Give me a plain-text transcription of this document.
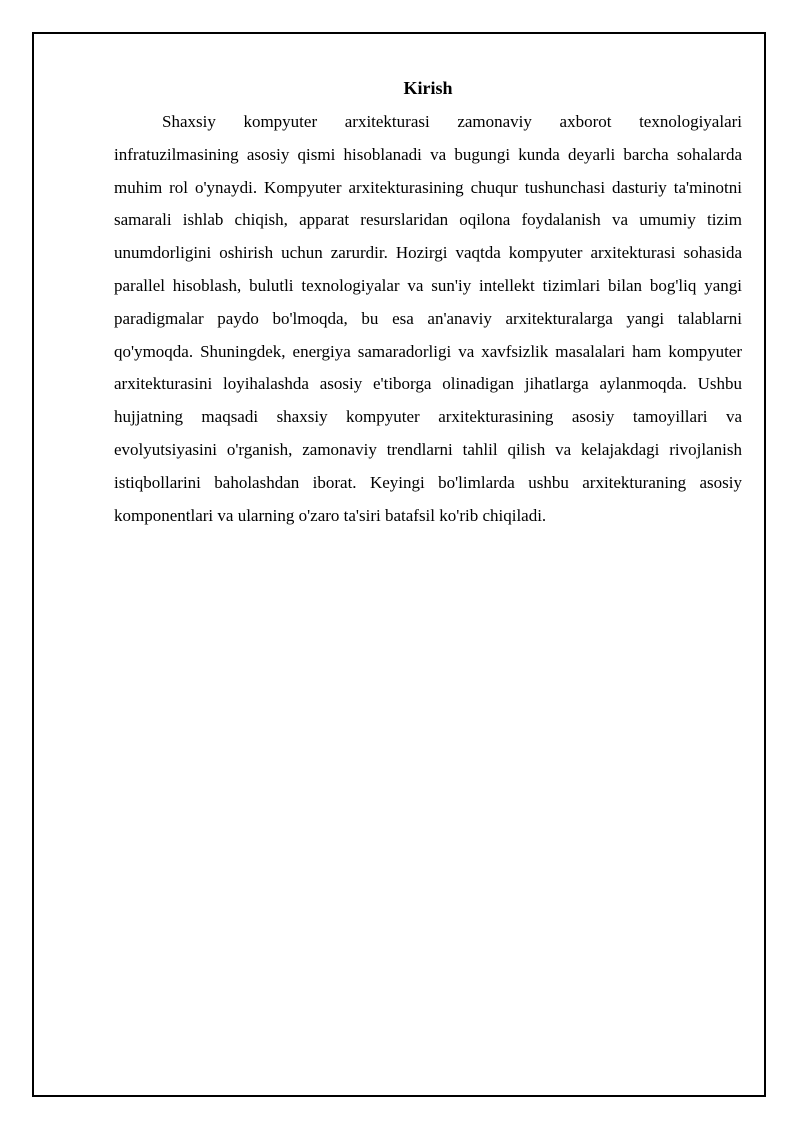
Kirish

Shaxsiy kompyuter arxitekturasi zamonaviy axborot texnologiyalari infratuzilmasining asosiy qismi hisoblanadi va bugungi kunda deyarli barcha sohalarda muhim rol o'ynaydi. Kompyuter arxitekturasining chuqur tushunchasi dasturiy ta'minotni samarali ishlab chiqish, apparat resurslaridan oqilona foydalanish va umumiy tizim unumdorligini oshirish uchun zarurdir. Hozirgi vaqtda kompyuter arxitekturasi sohasida parallel hisoblash, bulutli texnologiyalar va sun'iy intellekt tizimlari bilan bog'liq yangi paradigmalar paydo bo'lmoqda, bu esa an'anaviy arxitekturalarga yangi talablarni qo'ymoqda. Shuningdek, energiya samaradorligi va xavfsizlik masalalari ham kompyuter arxitekturasini loyihalashda asosiy e'tiborga olinadigan jihatlarga aylanmoqda. Ushbu hujjatning maqsadi shaxsiy kompyuter arxitekturasining asosiy tamoyillari va evolyutsiyasini o'rganish, zamonaviy trendlarni tahlil qilish va kelajakdagi rivojlanish istiqbollarini baholashdan iborat. Keyingi bo'limlarda ushbu arxitekturaning asosiy komponentlari va ularning o'zaro ta'siri batafsil ko'rib chiqiladi.
